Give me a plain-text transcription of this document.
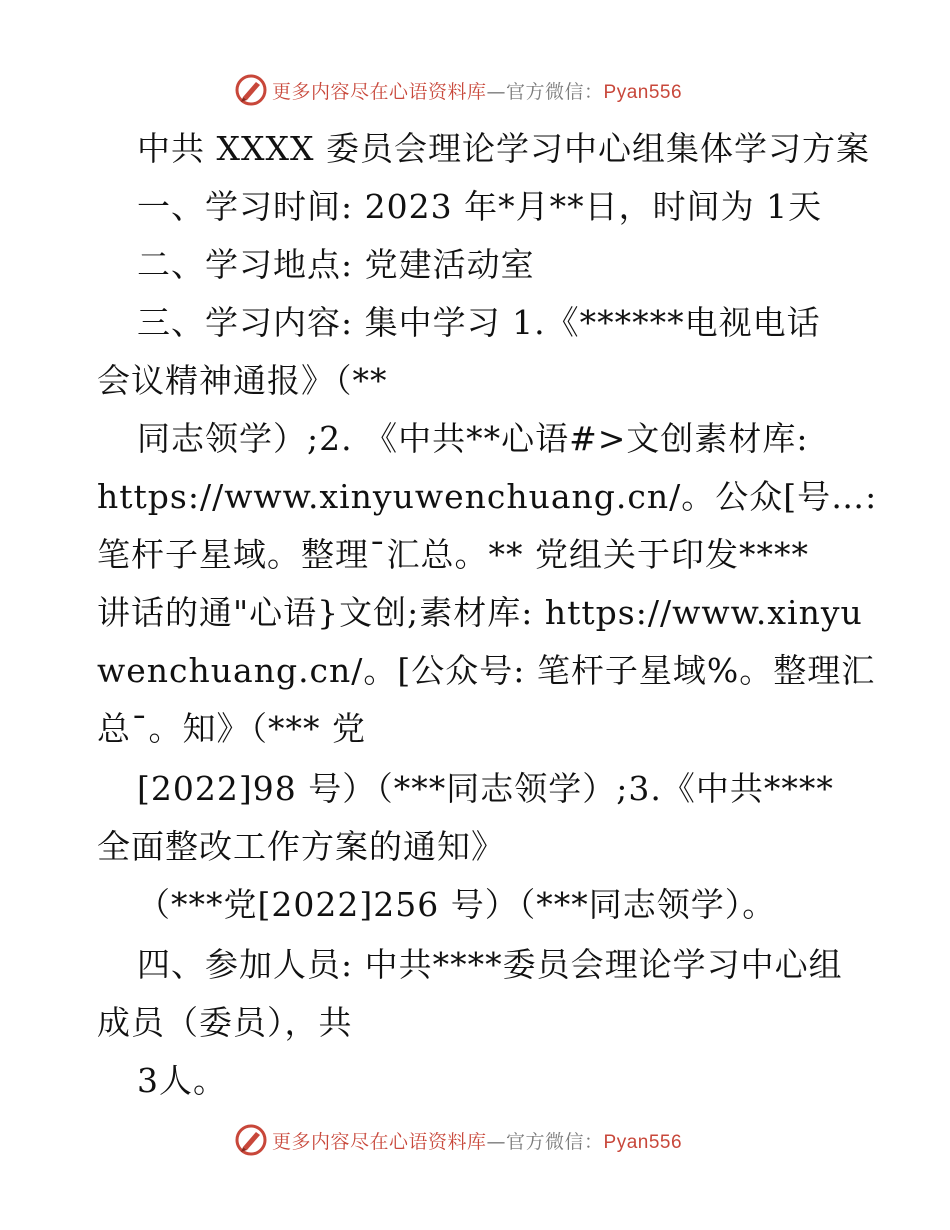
更多内容尽在心语资料库—官方微信：Pyan556
中共 XXXX 委员会理论学习中心组集体学习方案
一、学习时间: 2023 年*月**日，时间为 1天
二、学习地点: 党建活动室
三、学习内容: 集中学习 1.《******电视电话
会议精神通报》（**
同志领学）;2. 《中共**心语#>文创素材库:
https://www.xinyuwenchuang.cn/。公众[号…:
笔杆子星域。整理¯汇总。** 党组关于印发****
讲话的通"心语}文创;素材库: https://www.xinyu
wenchuang.cn/。[公众号: 笔杆子星域%。整理汇
总¯。知》（*** 党
[2022]98 号）（***同志领学）;3.《中共****
全面整改工作方案的通知》
（***党[2022]256 号）（***同志领学）。
四、参加人员: 中共****委员会理论学习中心组
成员（委员），共
3人。
更多内容尽在心语资料库—官方微信：Pyan556
